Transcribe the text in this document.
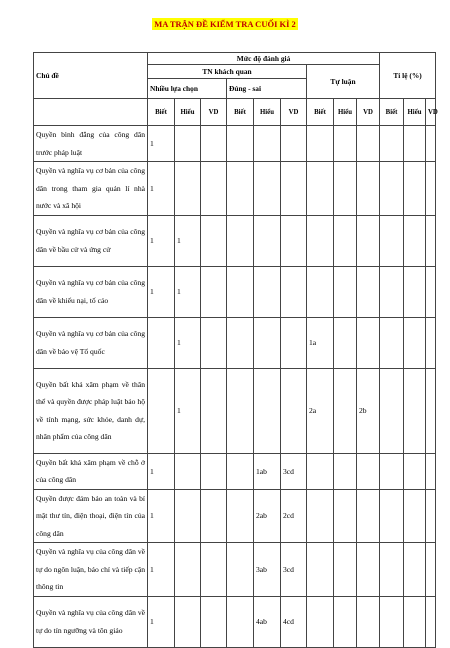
MA TRẬN ĐỀ KIỂM TRA CUỐI KÌ 2
Chủ đề	Mức độ đánh giá									Tỉ lệ (%)		
	TN khách quan						Tự luận					
	Nhiều lựa chọn			Đúng - sai								
	Biết	Hiểu	VD	Biết	Hiểu	VD	Biết	Hiểu	VD	Biết	Hiểu	VD
Quyền bình đẳng của công dân trước pháp luật	1											
Quyền và nghĩa vụ cơ bản của công dân trong tham gia quản lí nhà nước và xã hội	1											
Quyền và nghĩa vụ cơ bản của công dân về bầu cử và ứng cử	1	1										
Quyền và nghĩa vụ cơ bản của công dân về khiếu nại, tố cáo	1	1										
Quyền và nghĩa vụ cơ bản của công dân về bảo vệ Tổ quốc		1					1a					
Quyền bất khả xâm phạm về thân thể và quyền được pháp luật bảo hộ về tính mạng, sức khỏe, danh dự, nhân phẩm của công dân		1					2a		2b			
Quyền bất khả xâm phạm về chỗ ở của công dân	1				1ab	3cd						
Quyền được đảm bảo an toàn và bí mật thư tín, điện thoại, điện tín của công dân	1				2ab	2cd						
Quyền và nghĩa vụ của công dân về tự do ngôn luận, báo chí và tiếp cận thông tin	1				3ab	3cd						
Quyền và nghĩa vụ của công dân về tự do tín ngưỡng và tôn giáo	1				4ab	4cd						
